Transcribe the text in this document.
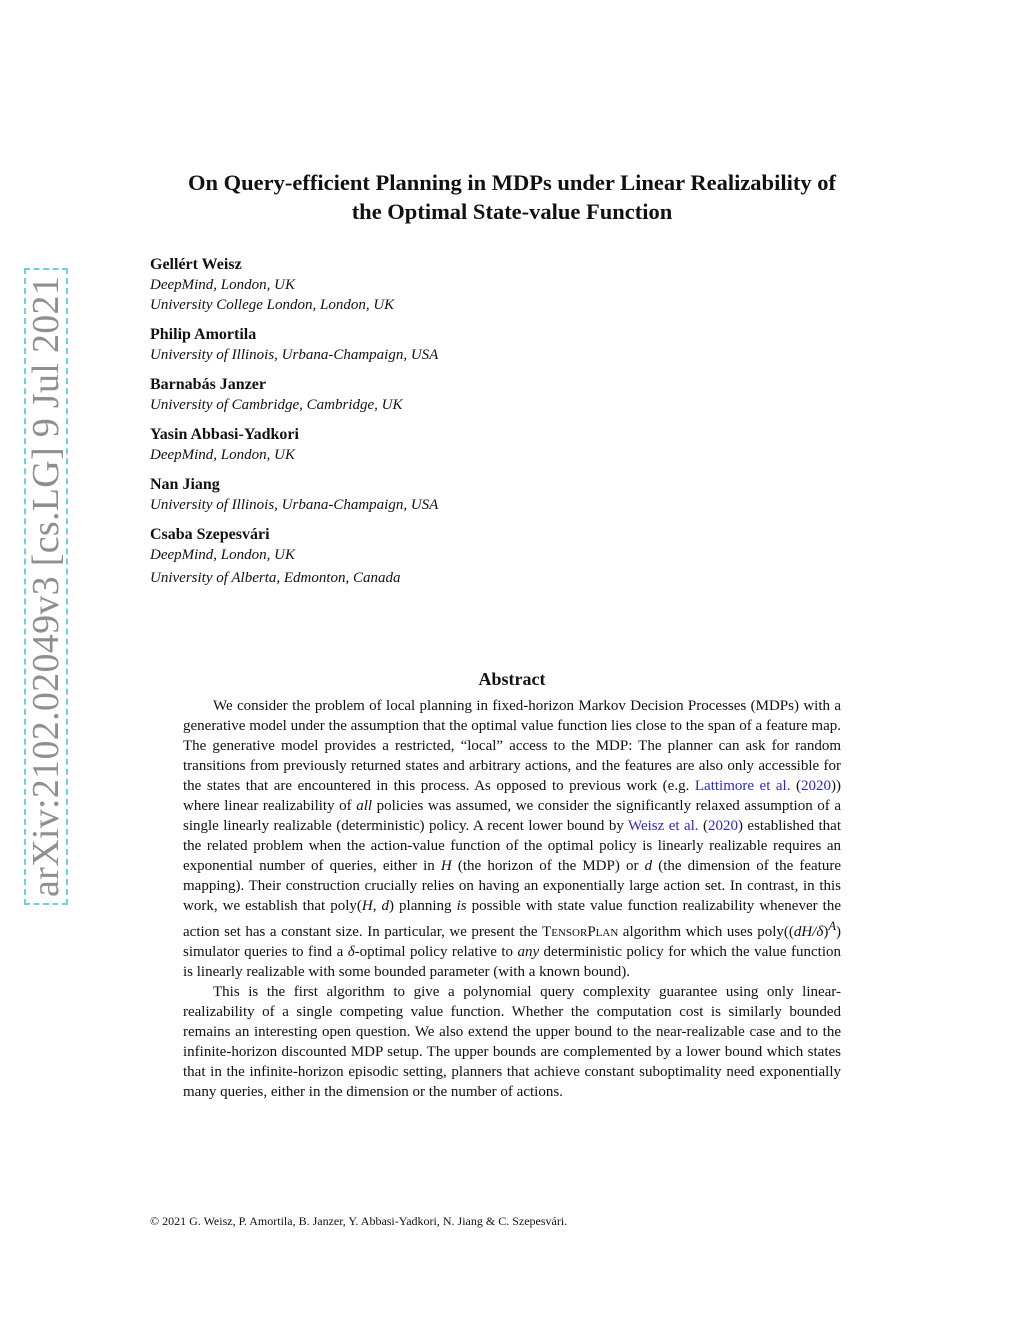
arXiv:2102.02049v3 [cs.LG] 9 Jul 2021
On Query-efficient Planning in MDPs under Linear Realizability of
the Optimal State-value Function

Gellért Weisz

DeepMind, London, UK

University College London, London, UK

Philip Amortila

University of Illinois, Urbana-Champaign, USA

Barnabás Janzer

University of Cambridge, Cambridge, UK

Yasin Abbasi-Yadkori

DeepMind, London, UK

Nan Jiang

University of Illinois, Urbana-Champaign, USA

Csaba Szepesvári

DeepMind, London, UK

University of Alberta, Edmonton, Canada

Abstract

We consider the problem of local planning in fixed-horizon Markov Decision Processes (MDPs) with a generative model under the assumption that the optimal value function lies close to the span of a feature map. The generative model provides a restricted, “local” access to the MDP: The planner can ask for random transitions from previously returned states and arbitrary actions, and the features are also only accessible for the states that are encountered in this process. As opposed to previous work (e.g. Lattimore et al. (2020)) where linear realizability of all policies was assumed, we consider the significantly relaxed assumption of a single linearly realizable (deterministic) policy. A recent lower bound by Weisz et al. (2020) established that the related problem when the action-value function of the optimal policy is linearly realizable requires an exponential number of queries, either in H (the horizon of the MDP) or d (the dimension of the feature mapping). Their construction crucially relies on having an exponentially large action set. In contrast, in this work, we establish that poly(H, d) planning is possible with state value function realizability whenever the action set has a constant size. In particular, we present the TensorPlan algorithm which uses $poly((dH/\delta)^A)$ simulator queries to find a δ-optimal policy relative to any deterministic policy for which the value function is linearly realizable with some bounded parameter (with a known bound).

This is the first algorithm to give a polynomial query complexity guarantee using only linear-realizability of a single competing value function. Whether the computation cost is similarly bounded remains an interesting open question. We also extend the upper bound to the near-realizable case and to the infinite-horizon discounted MDP setup. The upper bounds are complemented by a lower bound which states that in the infinite-horizon episodic setting, planners that achieve constant suboptimality need exponentially many queries, either in the dimension or the number of actions.

© 2021 G. Weisz, P. Amortila, B. Janzer, Y. Abbasi-Yadkori, N. Jiang & C. Szepesvári.
